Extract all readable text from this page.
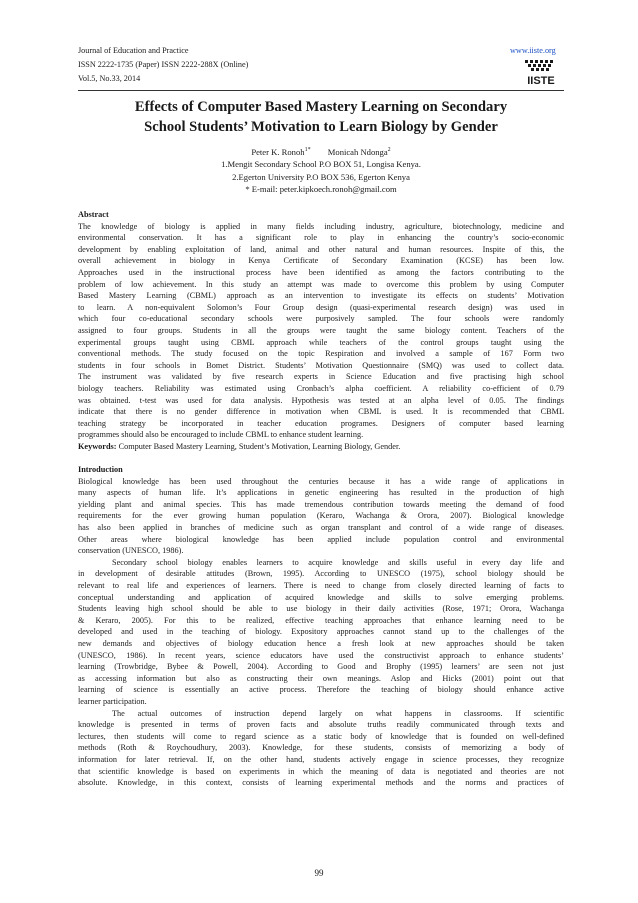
Journal of Education and Practice
ISSN 2222-1735 (Paper) ISSN 2222-288X (Online)
Vol.5, No.33, 2014
www.iiste.org
IISTE
Effects of Computer Based Mastery Learning on Secondary
School Students’ Motivation to Learn Biology by Gender
Peter K. Ronoh$^{1*}$ Monicah Ndonga$^2$
1.Mengit Secondary School P.O BOX 51, Longisa Kenya.
2.Egerton University P.O BOX 536, Egerton Kenya
* E-mail: peter.kipkoech.ronoh@gmail.com
Abstract
The knowledge of biology is applied in many fields including industry, agriculture, biotechnology, medicine and
environmental conservation. It has a significant role to play in enhancing the country’s socio-economic
development by enabling exploitation of land, animal and other natural and human resources. Inspite of this, the
overall achievement in biology in Kenya Certificate of Secondary Examination (KCSE) has been low.
Approaches used in the instructional process have been identified as among the factors contributing to the
problem of low achievement. In this study an attempt was made to overcome this problem by using Computer
Based Mastery Learning (CBML) approach as an intervention to investigate its effects on students’ Motivation
to learn. A non-equivalent Solomon’s Four Group design (quasi-experimental research design) was used in
which four co-educational secondary schools were purposively sampled. The four schools were randomly
assigned to four groups. Students in all the groups were taught the same biology content. Teachers of the
experimental groups taught using CBML approach while teachers of the control groups taught using the
conventional methods. The study focused on the topic Respiration and involved a sample of 167 Form two
students in four schools in Bomet District. Students’ Motivation Questionnaire (SMQ) was used to collect data.
The instrument was validated by five research experts in Science Education and five practising high school
biology teachers. Reliability was estimated using Cronbach’s alpha coefficient. A reliability co-efficient of 0.79
was obtained. t-test was used for data analysis. Hypothesis was tested at an alpha level of 0.05. The findings
indicate that there is no gender difference in motivation when CBML is used. It is recommended that CBML
teaching strategy be incorporated in teacher education programes. Designers of computer based learning
programmes should also be encouraged to include CBML to enhance student learning.
Keywords: Computer Based Mastery Learning, Student’s Motivation, Learning Biology, Gender.
Introduction
Biological knowledge has been used throughout the centuries because it has a wide range of applications in
many aspects of human life. It’s applications in genetic engineering has resulted in the production of high
yielding plant and animal species. This has made tremendous contribution towards meeting the demand of food
requirements for the ever growing human population (Keraro, Wachanga & Orora, 2007). Biological knowledge
has also been applied in branches of medicine such as organ transplant and control of a wide range of diseases.
Other areas where biological knowledge has been applied include population control and environmental
conservation (UNESCO, 1986).
Secondary school biology enables learners to acquire knowledge and skills useful in every day life and
in development of desirable attitudes (Brown, 1995). According to UNESCO (1975), school biology should be
relevant to real life and experiences of learners. There is need to change from closely directed learning of facts to
conceptual understanding and application of acquired knowledge and skills to solve emerging problems.
Students leaving high school should be able to use biology in their daily activities (Rose, 1971; Orora, Wachanga
& Keraro, 2005). For this to be realized, effective teaching approaches that enhance learning need to be
developed and used in the teaching of biology. Expository approaches cannot stand up to the challenges of the
new demands and objectives of biology education hence a fresh look at new approaches should be taken
(UNESCO, 1986). In recent years, science educators have used the constructivist approach to enhance students’
learning (Trowbridge, Bybee & Powell, 2004). According to Good and Brophy (1995) learners’ are seen not just
as accessing information but also as constructing their own meanings. Aslop and Hicks (2001) point out that
learning of science is essentially an active process. Therefore the teaching of biology should enhance active
learner participation.
The actual outcomes of instruction depend largely on what happens in classrooms. If scientific
knowledge is presented in terms of proven facts and absolute truths readily communicated through texts and
lectures, then students will come to regard science as a static body of knowledge that is founded on well-defined
methods (Roth & Roychoudhury, 2003). Knowledge, for these students, consists of memorizing a body of
information for later retrieval. If, on the other hand, students actively engage in science processes, they recognize
that scientific knowledge is based on experiments in which the meaning of data is negotiated and theories are not
absolute. Knowledge, in this context, consists of learning experimental methods and the norms and practices of
99
